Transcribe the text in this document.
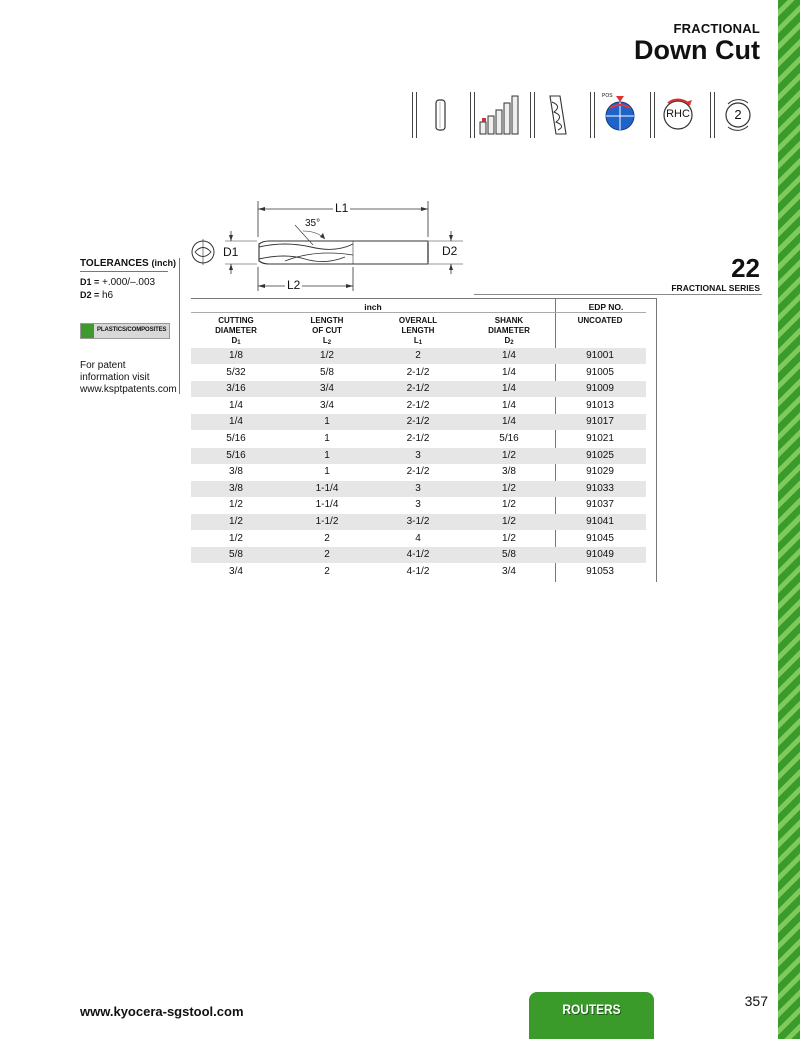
FRACTIONAL
Down Cut
POS
RHC	2
L1
35°
D1	D2
L2
TOLERANCES (inch)
D1 = +.000/–.003
D2 = h6
PLASTICS/COMPOSITES
For patent
information visit
www.ksptpatents.com
22
FRACTIONAL SERIES
inch	EDP NO.
CUTTING
DIAMETER
D1
LENGTH
OF CUT
L2
OVERALL
LENGTH
L1
SHANK
DIAMETER
D2
UNCOATED
1/8	1/2	2	1/4	91001
5/32	5/8	2-1/2	1/4	91005
3/16	3/4	2-1/2	1/4	91009
1/4	3/4	2-1/2	1/4	91013
1/4	1	2-1/2	1/4	91017
5/16	1	2-1/2	5/16	91021
5/16	1	3	1/2	91025
3/8	1	2-1/2	3/8	91029
3/8	1-1/4	3	1/2	91033
1/2	1-1/4	3	1/2	91037
1/2	1-1/2	3-1/2	1/2	91041
1/2	2	4	1/2	91045
5/8	2	4-1/2	5/8	91049
3/4	2	4-1/2	3/4	91053
www.kyocera-sgstool.com	ROUTERS	357
